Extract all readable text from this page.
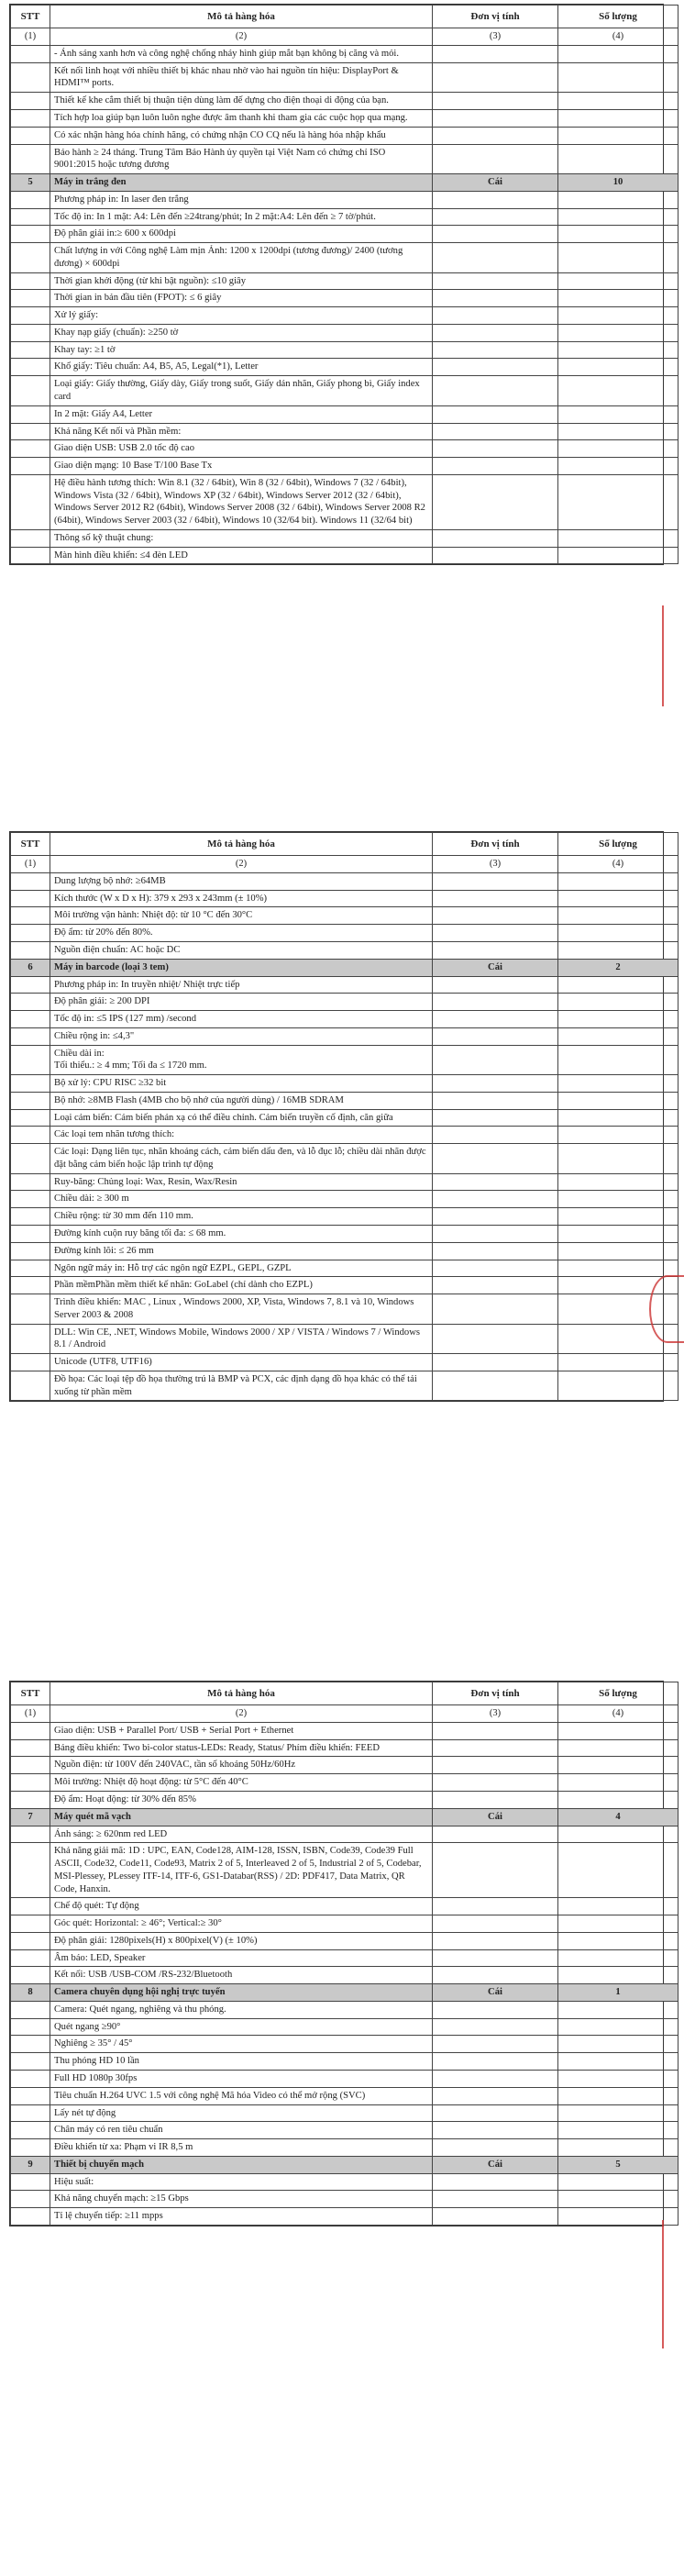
STT	Mô tả hàng hóa	Đơn vị tính	Số lượng
(1)	(2)	(3)	(4)
	- Ánh sáng xanh hơn và công nghệ chống nháy hình giúp mắt bạn không bị căng và mỏi.		
	Kết nối linh hoạt với nhiều thiết bị khác nhau nhờ vào hai nguồn tín hiệu: DisplayPort & HDMI™ ports.		
	Thiết kế khe cắm thiết bị thuận tiện dùng làm đế dựng cho điện thoại di động của bạn.		
	Tích hợp loa giúp bạn luôn luôn nghe được âm thanh khi tham gia các cuộc họp qua mạng.		
	Có xác nhận hàng hóa chính hãng, có chứng nhận CO CQ nếu là hàng hóa nhập khẩu		
	Bảo hành ≥ 24 tháng. Trung Tâm Bảo Hành ủy quyền tại Việt Nam có chứng chỉ ISO 9001:2015 hoặc tương đương		
5	Máy in trắng đen	Cái	10
	Phương pháp in: In laser đen trắng		
	Tốc độ in: In 1 mặt: A4: Lên đến ≥24trang/phút; In 2 mặt:A4: Lên đến ≥ 7 tờ/phút.		
	Độ phân giải in:≥ 600 x 600dpi		
	Chất lượng in với Công nghệ Làm mịn Ảnh: 1200 x 1200dpi (tương đương)/ 2400 (tương đương) × 600dpi		
	Thời gian khởi động (từ khi bật nguồn): ≤10 giây		
	Thời gian in bản đầu tiên (FPOT): ≤ 6 giây		
	Xử lý giấy:		
	Khay nạp giấy (chuẩn): ≥250 tờ		
	Khay tay: ≥1 tờ		
	Khổ giấy: Tiêu chuẩn: A4, B5, A5, Legal(*1), Letter		
	Loại giấy: Giấy thường, Giấy dày, Giấy trong suốt, Giấy dán nhãn, Giấy phong bì, Giấy index card		
	In 2 mặt: Giấy A4, Letter		
	Khả năng Kết nối và Phần mềm:		
	Giao diện USB: USB 2.0 tốc độ cao		
	Giao diện mạng: 10 Base T/100 Base Tx		
	Hệ điều hành tương thích: Win 8.1 (32 / 64bit), Win 8 (32 / 64bit), Windows 7 (32 / 64bit), Windows Vista (32 / 64bit), Windows XP (32 / 64bit), Windows Server 2012 (32 / 64bit), Windows Server 2012 R2 (64bit), Windows Server 2008 (32 / 64bit), Windows Server 2008 R2 (64bit), Windows Server 2003 (32 / 64bit), Windows 10 (32/64 bit). Windows 11 (32/64 bit)		
	Thông số kỹ thuật chung:		
	Màn hình điều khiển: ≤4 đèn LED		
STT	Mô tả hàng hóa	Đơn vị tính	Số lượng
(1)	(2)	(3)	(4)
	Dung lượng bộ nhớ: ≥64MB		
	Kích thước (W x D x H): 379 x 293 x 243mm (± 10%)		
	Môi trường vận hành: Nhiệt độ: từ 10 °C đến 30°C		
	Độ ẩm: từ 20% đến 80%.		
	Nguồn điện chuẩn: AC hoặc DC		
6	Máy in barcode (loại 3 tem)	Cái	2
	Phương pháp in: In truyền nhiệt/ Nhiệt trực tiếp		
	Độ phân giải: ≥ 200 DPI		
	Tốc độ in: ≤5 IPS (127 mm) /second		
	Chiều rộng in: ≤4,3"		
	Chiều dài in:
Tối thiểu.: ≥ 4 mm; Tối đa ≤ 1720 mm.		
	Bộ xử lý: CPU RISC ≥32 bit		
	Bộ nhớ: ≥8MB Flash (4MB cho bộ nhớ của người dùng) / 16MB SDRAM		
	Loại cảm biến: Cảm biến phản xạ có thể điều chỉnh. Cảm biến truyền cố định, căn giữa		
	Các loại tem nhãn tương thích:		
	Các loại: Dạng liên tục, nhãn khoảng cách, cảm biến dấu đen, và lỗ đục lỗ; chiều dài nhãn được đặt bằng cảm biến hoặc lập trình tự động		
	Ruy-băng: Chủng loại: Wax, Resin, Wax/Resin		
	Chiều dài: ≥ 300 m		
	Chiều rộng: từ 30 mm đến 110 mm.		
	Đường kính cuộn ruy băng tối đa: ≤ 68 mm.		
	Đường kính lõi: ≤ 26 mm		
	Ngôn ngữ máy in: Hỗ trợ các ngôn ngữ EZPL, GEPL, GZPL		
	Phần mềmPhần mềm thiết kế nhãn: GoLabel (chỉ dành cho EZPL)		
	Trình điều khiển: MAC , Linux , Windows 2000, XP, Vista, Windows 7, 8.1 và 10, Windows Server 2003 & 2008		
	DLL: Win CE, .NET, Windows Mobile, Windows 2000 / XP / VISTA / Windows 7 / Windows 8.1 / Android		
	Unicode (UTF8, UTF16)		
	Đồ họa: Các loại tệp đồ họa thường trú là BMP và PCX, các định dạng đồ họa khác có thể tải xuống từ phần mềm		
STT	Mô tả hàng hóa	Đơn vị tính	Số lượng
(1)	(2)	(3)	(4)
	Giao diện: USB + Parallel Port/ USB + Serial Port + Ethernet		
	Bảng điều khiển: Two bi-color status-LEDs: Ready, Status/ Phím điều khiển: FEED		
	Nguồn điện: từ 100V đến 240VAC, tần số khoảng 50Hz/60Hz		
	Môi trường: Nhiệt độ hoạt động: từ 5°C đến 40°C		
	Độ ẩm: Hoạt động: từ 30% đến 85%		
7	Máy quét mã vạch	Cái	4
	Ánh sáng: ≥ 620nm red LED		
	Khả năng giải mã: 1D : UPC, EAN, Code128, AIM-128, ISSN, ISBN, Code39, Code39 Full ASCII, Code32, Code11, Code93, Matrix 2 of 5, Interleaved 2 of 5, Industrial 2 of 5, Codebar, MSI-Plessey, PLessey ITF-14, ITF-6, GS1-Databar(RSS) / 2D: PDF417, Data Matrix, QR Code, Hanxin.		
	Chế độ quét: Tự động		
	Góc quét: Horizontal: ≥ 46°; Vertical:≥ 30°		
	Độ phân giải: 1280pixels(H) x 800pixel(V) (± 10%)		
	Âm báo: LED, Speaker		
	Kết nối: USB /USB-COM /RS-232/Bluetooth		
8	Camera chuyên dụng hội nghị trực tuyến	Cái	1
	Camera: Quét ngang, nghiêng và thu phóng.		
	Quét ngang ≥90°		
	Nghiêng ≥ 35° / 45°		
	Thu phóng HD 10 lần		
	Full HD 1080p 30fps		
	Tiêu chuẩn H.264 UVC 1.5 với công nghệ Mã hóa Video có thể mở rộng (SVC)		
	Lấy nét tự động		
	Chân máy có ren tiêu chuẩn		
	Điều khiển từ xa: Phạm vi IR 8,5 m		
9	Thiết bị chuyển mạch	Cái	5
	Hiệu suất:		
	Khả năng chuyển mạch: ≥15 Gbps		
	Tỉ lệ chuyển tiếp: ≥11 mpps		
